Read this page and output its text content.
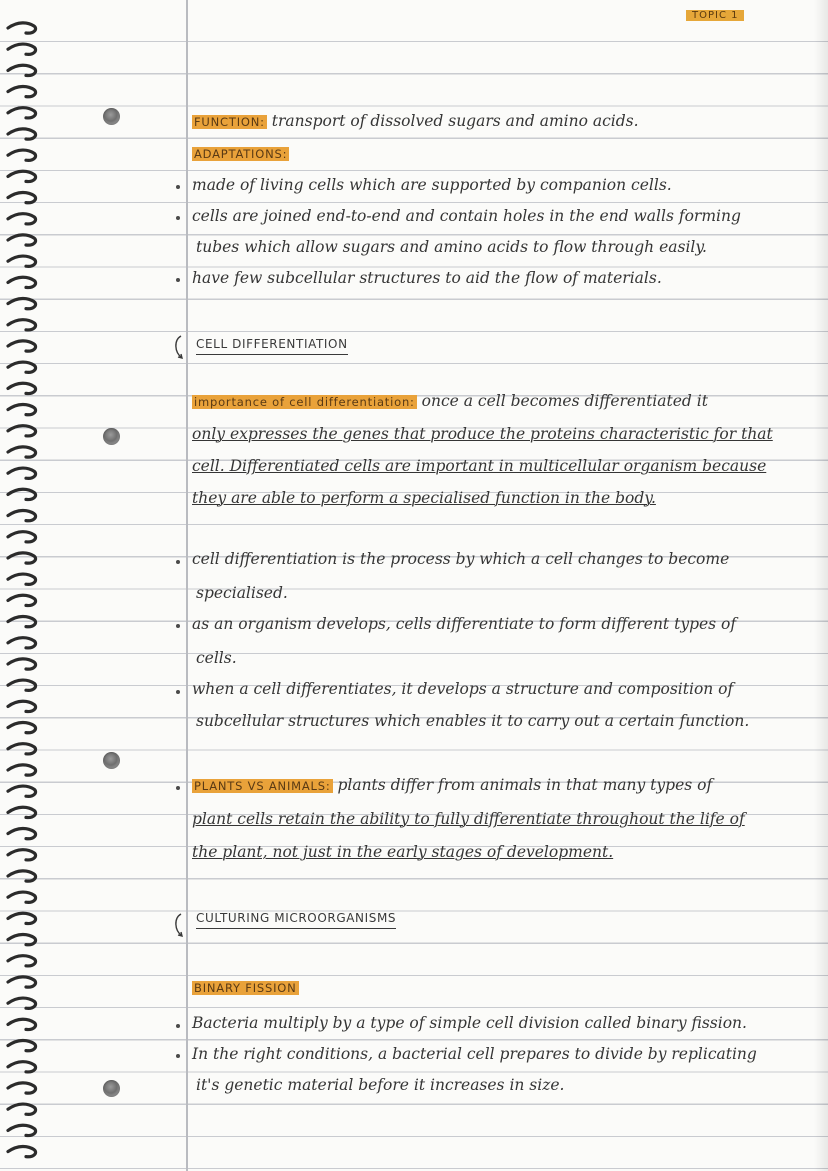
TOPIC 1
FUNCTION: transport of dissolved sugars and amino acids.
ADAPTATIONS:
made of living cells which are supported by companion cells.
cells are joined end-to-end and contain holes in the end walls forming
tubes which allow sugars and amino acids to flow through easily.
have few subcellular structures to aid the flow of materials.
CELL DIFFERENTIATION
importance of cell differentiation: once a cell becomes differentiated it
only expresses the genes that produce the proteins characteristic for that
cell. Differentiated cells are important in multicellular organism because
they are able to perform a specialised function in the body.
cell differentiation is the process by which a cell changes to become
specialised.
as an organism develops, cells differentiate to form different types of
cells.
when a cell differentiates, it develops a structure and composition of
subcellular structures which enables it to carry out a certain function.
PLANTS VS ANIMALS: plants differ from animals in that many types of
plant cells retain the ability to fully differentiate throughout the life of
the plant, not just in the early stages of development.
CULTURING MICROORGANISMS
BINARY FISSION
Bacteria multiply by a type of simple cell division called binary fission.
In the right conditions, a bacterial cell prepares to divide by replicating
it's genetic material before it increases in size.
